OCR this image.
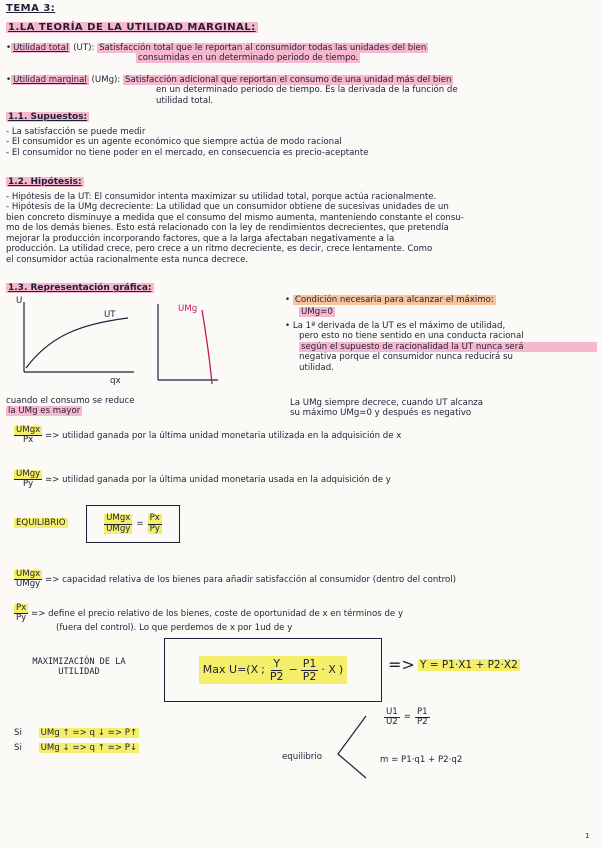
TEMA 3:
1.LA TEORÍA DE LA UTILIDAD MARGINAL:
• Utilidad total (UT): Satisfacción total que le reportan al consumidor todas las unidades del bien
consumidas en un determinado periodo de tiempo.
• Utilidad marginal (UMg): Satisfacción adicional que reportan el consumo de una unidad más del bien
en un determinado periodo de tiempo. Es la derivada de la función de
utilidad total.
1.1. Supuestos:
- La satisfacción se puede medir
- El consumidor es un agente económico que siempre actúa de modo racional
- El consumidor no tiene poder en el mercado, en consecuencia es precio-aceptante
1.2. Hipótesis:
- Hipótesis de la UT: El consumidor intenta maximizar su utilidad total, porque actúa racionalmente.
- Hipótesis de la UMg decreciente: La utilidad que un consumidor obtiene de sucesivas unidades de un
bien concreto disminuye a medida que el consumo del mismo aumenta, manteniendo constante el consu-
mo de los demás bienes. Esto está relacionado con la ley de rendimientos decrecientes, que pretendía
mejorar la producción incorporando factores, que a la larga afectaban negativamente a la
producción. La utilidad crece, pero crece a un ritmo decreciente, es decir, crece lentamente. Como
el consumidor actúa racionalmente esta nunca decrece.
1.3. Representación gráfica:
U
UT
qx
UMg
• Condición necesaria para alcanzar el máximo:
UMg=0
• La 1ª derivada de la UT es el máximo de utilidad,
pero esto no tiene sentido en una conducta racional
según el supuesto de racionalidad la UT nunca será
negativa porque el consumidor nunca reducirá su
utilidad.
cuando el consumo se reduce
la UMg es mayor
La UMg siempre decrece, cuando UT alcanza
su máximo UMg=0 y después es negativo
UMgx
Px => utilidad ganada por la última unidad monetaria utilizada en la adquisición de x
UMgy
Py => utilidad ganada por la última unidad monetaria usada en la adquisición de y
EQUILIBRIO	UMgx
UMgy = $\frac{Px}{Py}$
UMgx
UMgy => capacidad relativa de los bienes para añadir satisfacción al consumidor (dentro del control)
$\frac{Px}{Py}$ => define el precio relativo de los bienes, coste de oportunidad de x en términos de y
(fuera del control). Lo que perdemos de x por 1ud de y
MAXIMIZACIÓN DE LA
UTILIDAD	Max U=(X ; Y
$P2 - \frac{P1}{P2} \cdot X$ )	=> Y = P1·X1 + P2·X2
Si UMg ↑ => q ↓ => P↑
Si UMg ↓ => q ↑ => P↓
equilibrio
$\frac{U1}{U2} = \frac{P1}{P2}$
m = P1·q1 + P2·q2
1
